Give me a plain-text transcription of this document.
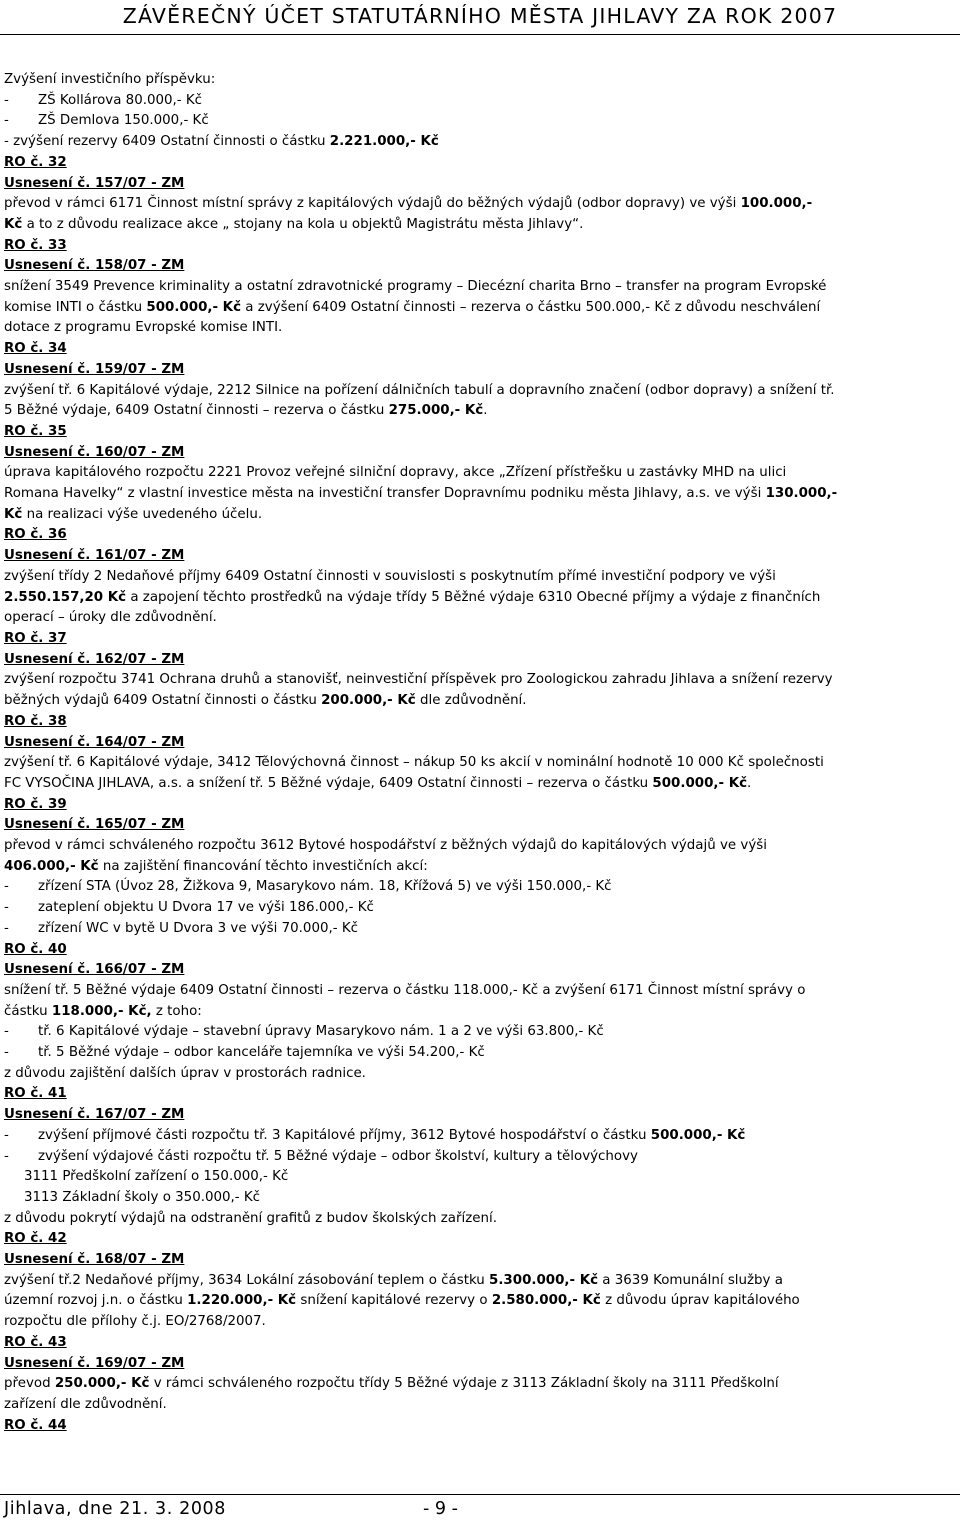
ZÁVĚREČNÝ ÚČET STATUTÁRNÍHO MĚSTA JIHLAVY ZA ROK 2007
Zvýšení investičního příspěvku:
- ZŠ Kollárova 80.000,- Kč
- ZŠ Demlova 150.000,- Kč
- zvýšení rezervy 6409 Ostatní činnosti o částku 2.221.000,- Kč
RO č. 32
Usnesení č. 157/07 - ZM
převod v rámci 6171 Činnost místní správy z kapitálových výdajů do běžných výdajů (odbor dopravy) ve výši 100.000,-
Kč a to z důvodu realizace akce „ stojany na kola u objektů Magistrátu města Jihlavy“.
RO č. 33
Usnesení č. 158/07 - ZM
snížení 3549 Prevence kriminality a ostatní zdravotnické programy – Diecézní charita Brno – transfer na program Evropské
komise INTI o částku 500.000,- Kč a zvýšení 6409 Ostatní činnosti – rezerva o částku 500.000,- Kč z důvodu neschválení
dotace z programu Evropské komise INTI.
RO č. 34
Usnesení č. 159/07 - ZM
zvýšení tř. 6 Kapitálové výdaje, 2212 Silnice na pořízení dálničních tabulí a dopravního značení (odbor dopravy) a snížení tř.
5 Běžné výdaje, 6409 Ostatní činnosti – rezerva o částku 275.000,- Kč.
RO č. 35
Usnesení č. 160/07 - ZM
úprava kapitálového rozpočtu 2221 Provoz veřejné silniční dopravy, akce „Zřízení přístřešku u zastávky MHD na ulici
Romana Havelky“ z vlastní investice města na investiční transfer Dopravnímu podniku města Jihlavy, a.s. ve výši 130.000,-
Kč na realizaci výše uvedeného účelu.
RO č. 36
Usnesení č. 161/07 - ZM
zvýšení třídy 2 Nedaňové příjmy 6409 Ostatní činnosti v souvislosti s poskytnutím přímé investiční podpory ve výši
2.550.157,20 Kč a zapojení těchto prostředků na výdaje třídy 5 Běžné výdaje 6310 Obecné příjmy a výdaje z finančních
operací – úroky dle zdůvodnění.
RO č. 37
Usnesení č. 162/07 - ZM
zvýšení rozpočtu 3741 Ochrana druhů a stanovišť, neinvestiční příspěvek pro Zoologickou zahradu Jihlava a snížení rezervy
běžných výdajů 6409 Ostatní činnosti o částku 200.000,- Kč dle zdůvodnění.
RO č. 38
Usnesení č. 164/07 - ZM
zvýšení tř. 6 Kapitálové výdaje, 3412 Tělovýchovná činnost – nákup 50 ks akcií v nominální hodnotě 10 000 Kč společnosti
FC VYSOČINA JIHLAVA, a.s. a snížení tř. 5 Běžné výdaje, 6409 Ostatní činnosti – rezerva o částku 500.000,- Kč.
RO č. 39
Usnesení č. 165/07 - ZM
převod v rámci schváleného rozpočtu 3612 Bytové hospodářství z běžných výdajů do kapitálových výdajů ve výši
406.000,- Kč na zajištění financování těchto investičních akcí:
- zřízení STA (Úvoz 28, Žižkova 9, Masarykovo nám. 18, Křížová 5) ve výši 150.000,- Kč
- zateplení objektu U Dvora 17 ve výši 186.000,- Kč
- zřízení WC v bytě U Dvora 3 ve výši 70.000,- Kč
RO č. 40
Usnesení č. 166/07 - ZM
snížení tř. 5 Běžné výdaje 6409 Ostatní činnosti – rezerva o částku 118.000,- Kč a zvýšení 6171 Činnost místní správy o
částku 118.000,- Kč, z toho:
- tř. 6 Kapitálové výdaje – stavební úpravy Masarykovo nám. 1 a 2 ve výši 63.800,- Kč
- tř. 5 Běžné výdaje – odbor kanceláře tajemníka ve výši 54.200,- Kč
z důvodu zajištění dalších úprav v prostorách radnice.
RO č. 41
Usnesení č. 167/07 - ZM
- zvýšení příjmové části rozpočtu tř. 3 Kapitálové příjmy, 3612 Bytové hospodářství o částku 500.000,- Kč
- zvýšení výdajové části rozpočtu tř. 5 Běžné výdaje – odbor školství, kultury a tělovýchovy
3111 Předškolní zařízení o 150.000,- Kč
3113 Základní školy o 350.000,- Kč
z důvodu pokrytí výdajů na odstranění grafitů z budov školských zařízení.
RO č. 42
Usnesení č. 168/07 - ZM
zvýšení tř.2 Nedaňové příjmy, 3634 Lokální zásobování teplem o částku 5.300.000,- Kč a 3639 Komunální služby a
územní rozvoj j.n. o částku 1.220.000,- Kč snížení kapitálové rezervy o 2.580.000,- Kč z důvodu úprav kapitálového
rozpočtu dle přílohy č.j. EO/2768/2007.
RO č. 43
Usnesení č. 169/07 - ZM
převod 250.000,- Kč v rámci schváleného rozpočtu třídy 5 Běžné výdaje z 3113 Základní školy na 3111 Předškolní
zařízení dle zdůvodnění.
RO č. 44
Jihlava, dne 21. 3. 2008	- 9 -
